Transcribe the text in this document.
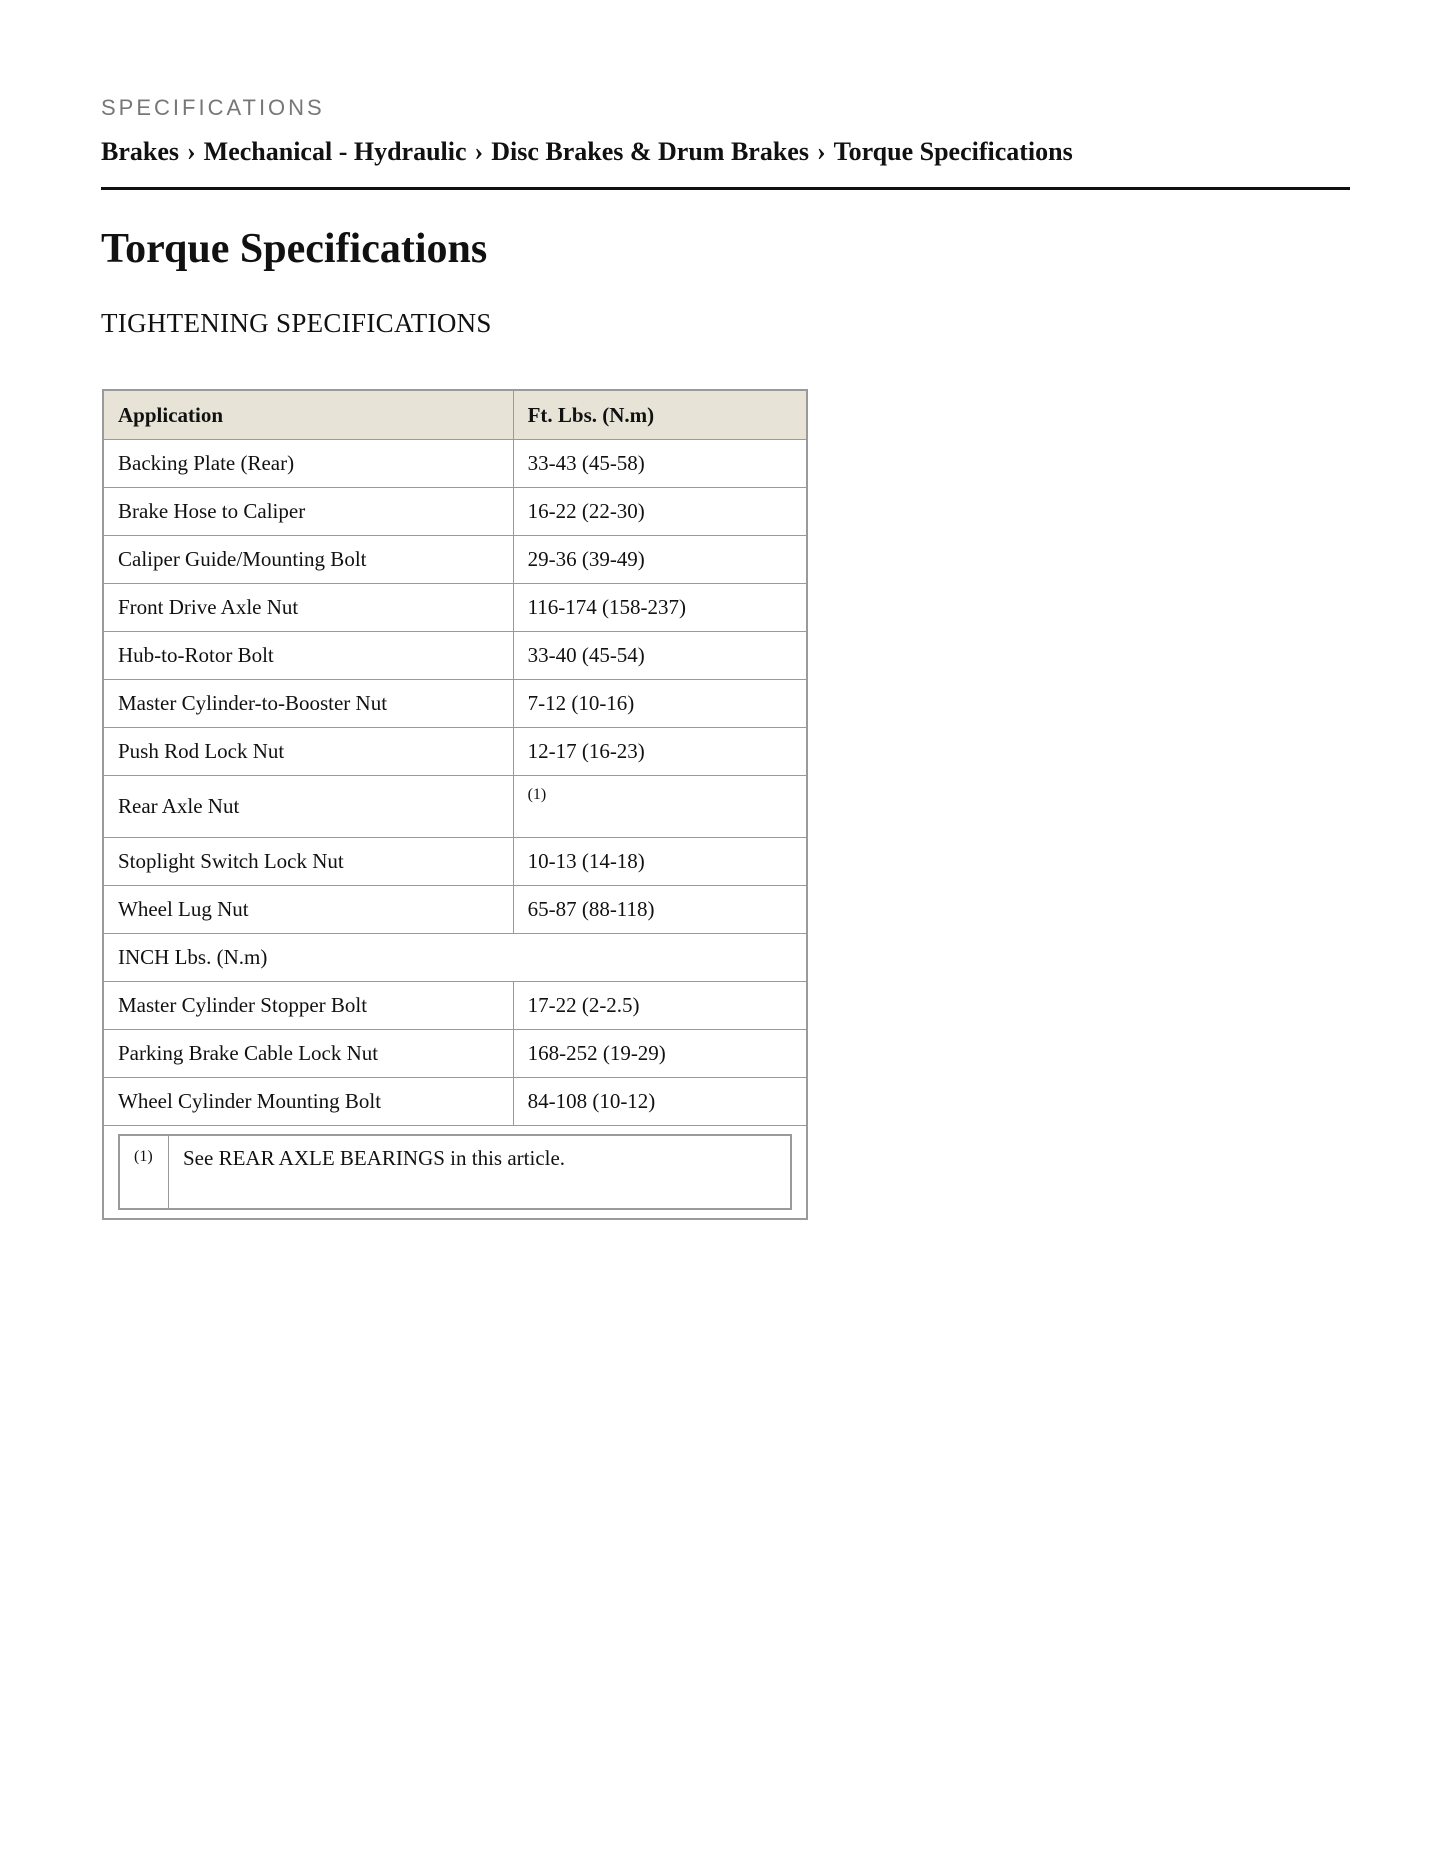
SPECIFICATIONS
Brakes › Mechanical - Hydraulic › Disc Brakes & Drum Brakes › Torque Specifications
Torque Specifications
TIGHTENING SPECIFICATIONS
Application	Ft. Lbs. (N.m)
Backing Plate (Rear)	33-43 (45-58)
Brake Hose to Caliper	16-22 (22-30)
Caliper Guide/Mounting Bolt	29-36 (39-49)
Front Drive Axle Nut	116-174 (158-237)
Hub-to-Rotor Bolt	33-40 (45-54)
Master Cylinder-to-Booster Nut	7-12 (10-16)
Push Rod Lock Nut	12-17 (16-23)
Rear Axle Nut	(1)
Stoplight Switch Lock Nut	10-13 (14-18)
Wheel Lug Nut	65-87 (88-118)
INCH Lbs. (N.m)
Master Cylinder Stopper Bolt	17-22 (2-2.5)
Parking Brake Cable Lock Nut	168-252 (19-29)
Wheel Cylinder Mounting Bolt	84-108 (10-12)

(1)	See REAR AXLE BEARINGS in this article.
